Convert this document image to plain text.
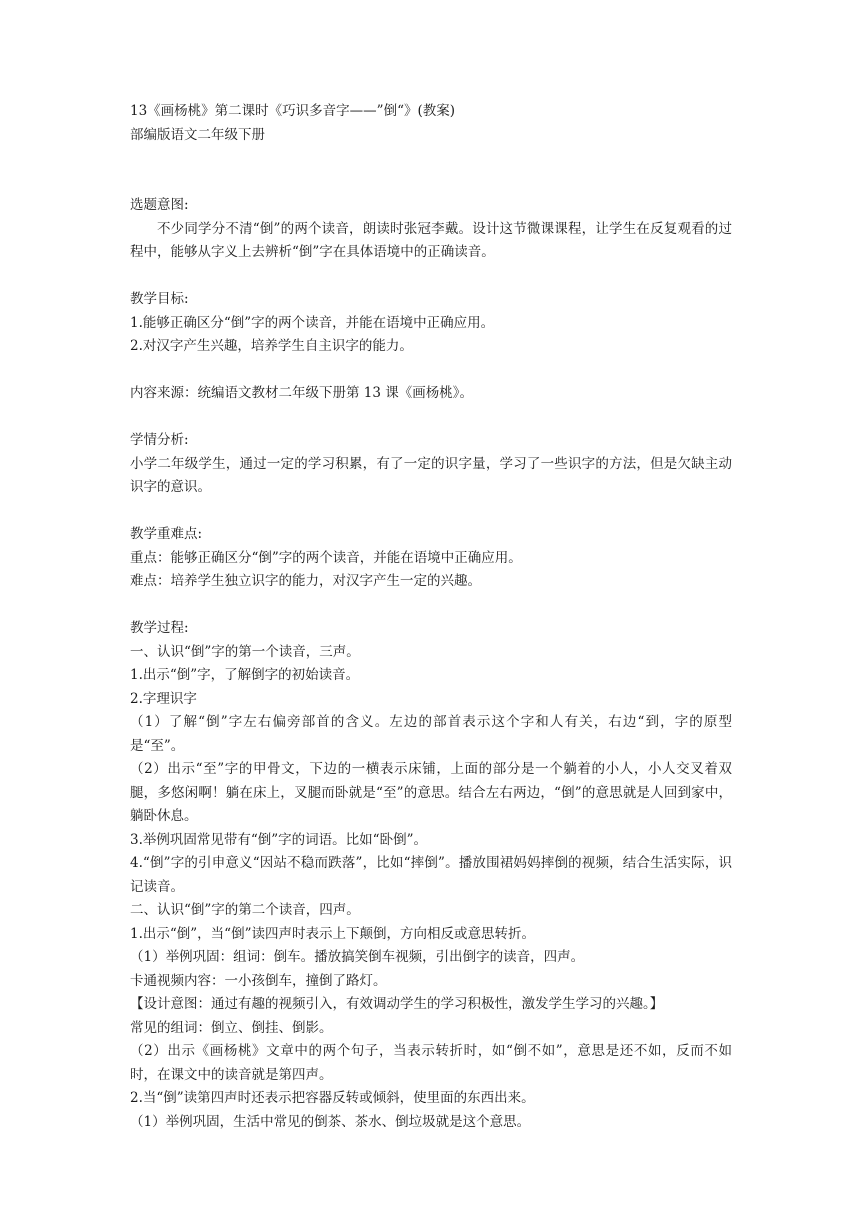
13《画杨桃》第二课时《巧识多音字——”倒“》(教案)
部编版语文二年级下册
选题意图:
不少同学分不清“倒”的两个读音，朗读时张冠李戴。设计这节微课课程，让学生在反复观看的过程中，能够从字义上去辨析“倒”字在具体语境中的正确读音。
教学目标:
1.能够正确区分“倒”字的两个读音，并能在语境中正确应用。
2.对汉字产生兴趣，培养学生自主识字的能力。
内容来源：统编语文教材二年级下册第 13 课《画杨桃》。
学情分析:
小学二年级学生，通过一定的学习积累，有了一定的识字量，学习了一些识字的方法，但是欠缺主动识字的意识。
教学重难点:
重点：能够正确区分“倒”字的两个读音，并能在语境中正确应用。
难点：培养学生独立识字的能力，对汉字产生一定的兴趣。
教学过程:
一、认识“倒”字的第一个读音，三声。
1.出示“倒”字，了解倒字的初始读音。
2.字理识字
（1）了解“倒”字左右偏旁部首的含义。左边的部首表示这个字和人有关，右边“到，字的原型是“至”。
（2）出示“至”字的甲骨文，下边的一横表示床铺，上面的部分是一个躺着的小人，小人交叉着双腿，多悠闲啊！躺在床上，叉腿而卧就是“至”的意思。结合左右两边，“倒”的意思就是人回到家中，躺卧休息。
3.举例巩固常见带有“倒”字的词语。比如“卧倒”。
4.“倒”字的引申意义“因站不稳而跌落”，比如“摔倒”。播放围裙妈妈摔倒的视频，结合生活实际，识记读音。
二、认识“倒”字的第二个读音，四声。
1.出示“倒”，当“倒”读四声时表示上下颠倒，方向相反或意思转折。
（1）举例巩固：组词：倒车。播放搞笑倒车视频，引出倒字的读音，四声。
卡通视频内容：一小孩倒车，撞倒了路灯。
【设计意图：通过有趣的视频引入，有效调动学生的学习积极性，激发学生学习的兴趣。】
常见的组词：倒立、倒挂、倒影。
（2）出示《画杨桃》文章中的两个句子，当表示转折时，如“倒不如”，意思是还不如，反而不如时，在课文中的读音就是第四声。
2.当“倒”读第四声时还表示把容器反转或倾斜，使里面的东西出来。
（1）举例巩固，生活中常见的倒茶、茶水、倒垃圾就是这个意思。
